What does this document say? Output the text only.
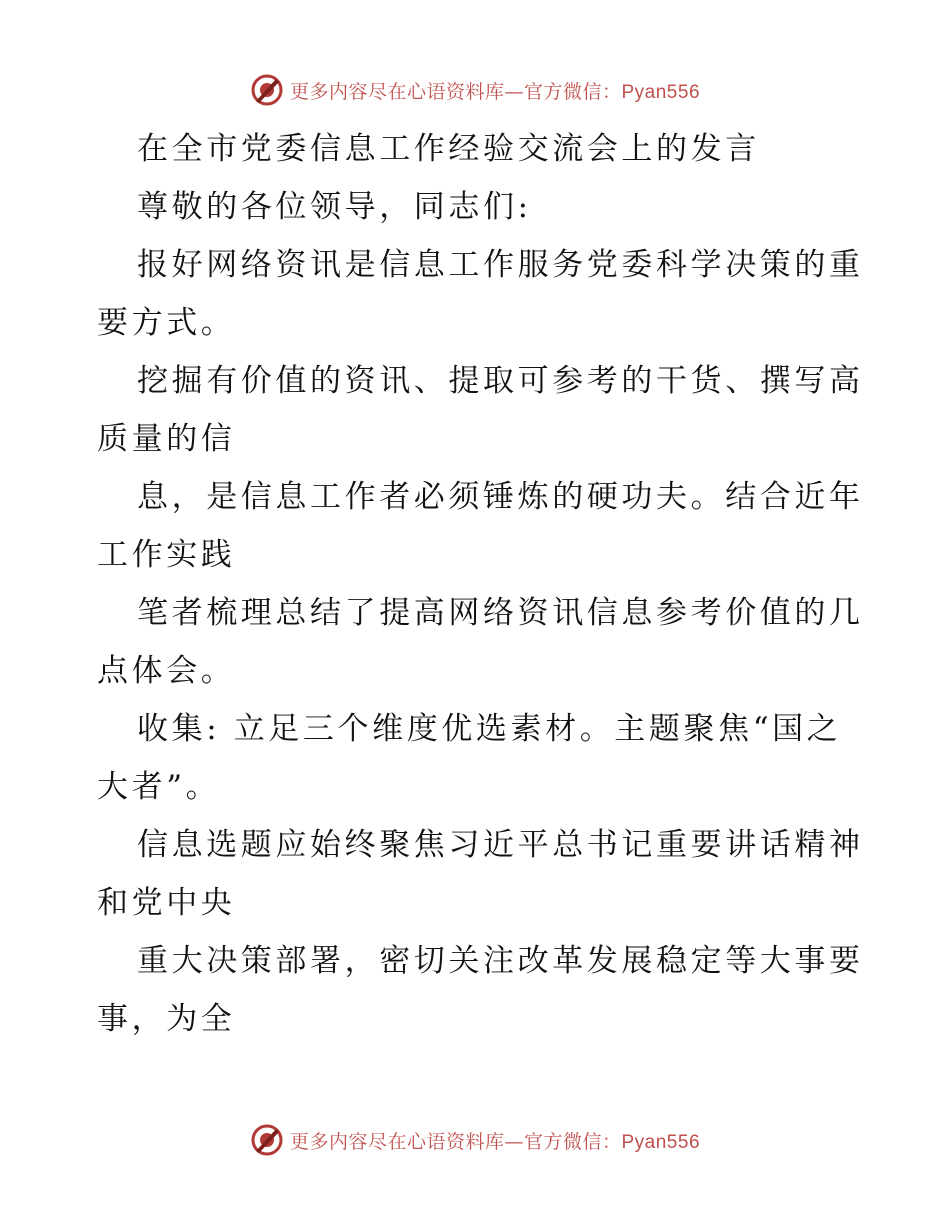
更多内容尽在心语资料库—官方微信：Pyan556

在全市党委信息工作经验交流会上的发言

尊敬的各位领导，同志们:

报好网络资讯是信息工作服务党委科学决策的重
要方式。

挖掘有价值的资讯、提取可参考的干货、撰写高
质量的信

息，是信息工作者必须锤炼的硬功夫。结合近年
工作实践

笔者梳理总结了提高网络资讯信息参考价值的几
点体会。

收集: 立足三个维度优选素材。主题聚焦“国之
大者”。

信息选题应始终聚焦习近平总书记重要讲话精神
和党中央

重大决策部署，密切关注改革发展稳定等大事要
事，为全

更多内容尽在心语资料库—官方微信：Pyan556
